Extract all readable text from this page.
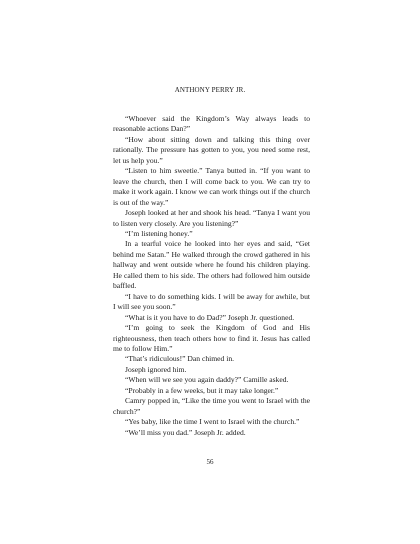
ANTHONY PERRY JR.

“Whoever said the Kingdom’s Way always leads to reasonable actions Dan?”

“How about sitting down and talking this thing over rationally. The pressure has gotten to you, you need some rest, let us help you.”

“Listen to him sweetie.” Tanya butted in. “If you want to leave the church, then I will come back to you. We can try to make it work again. I know we can work things out if the church is out of the way.”

Joseph looked at her and shook his head. “Tanya I want you to listen very closely. Are you listening?”

“I’m listening honey.”

In a tearful voice he looked into her eyes and said, “Get behind me Satan.” He walked through the crowd gathered in his hallway and went outside where he found his children playing. He called them to his side. The others had followed him outside baffled.

“I have to do something kids. I will be away for awhile, but I will see you soon.”

“What is it you have to do Dad?” Joseph Jr. questioned.

“I’m going to seek the Kingdom of God and His righteousness, then teach others how to find it. Jesus has called me to follow Him.”

“That’s ridiculous!” Dan chimed in.

Joseph ignored him.

“When will we see you again daddy?” Camille asked.

“Probably in a few weeks, but it may take longer.”

Camry popped in, “Like the time you went to Israel with the church?”

“Yes baby, like the time I went to Israel with the church.”

“We’ll miss you dad.” Joseph Jr. added.

56
